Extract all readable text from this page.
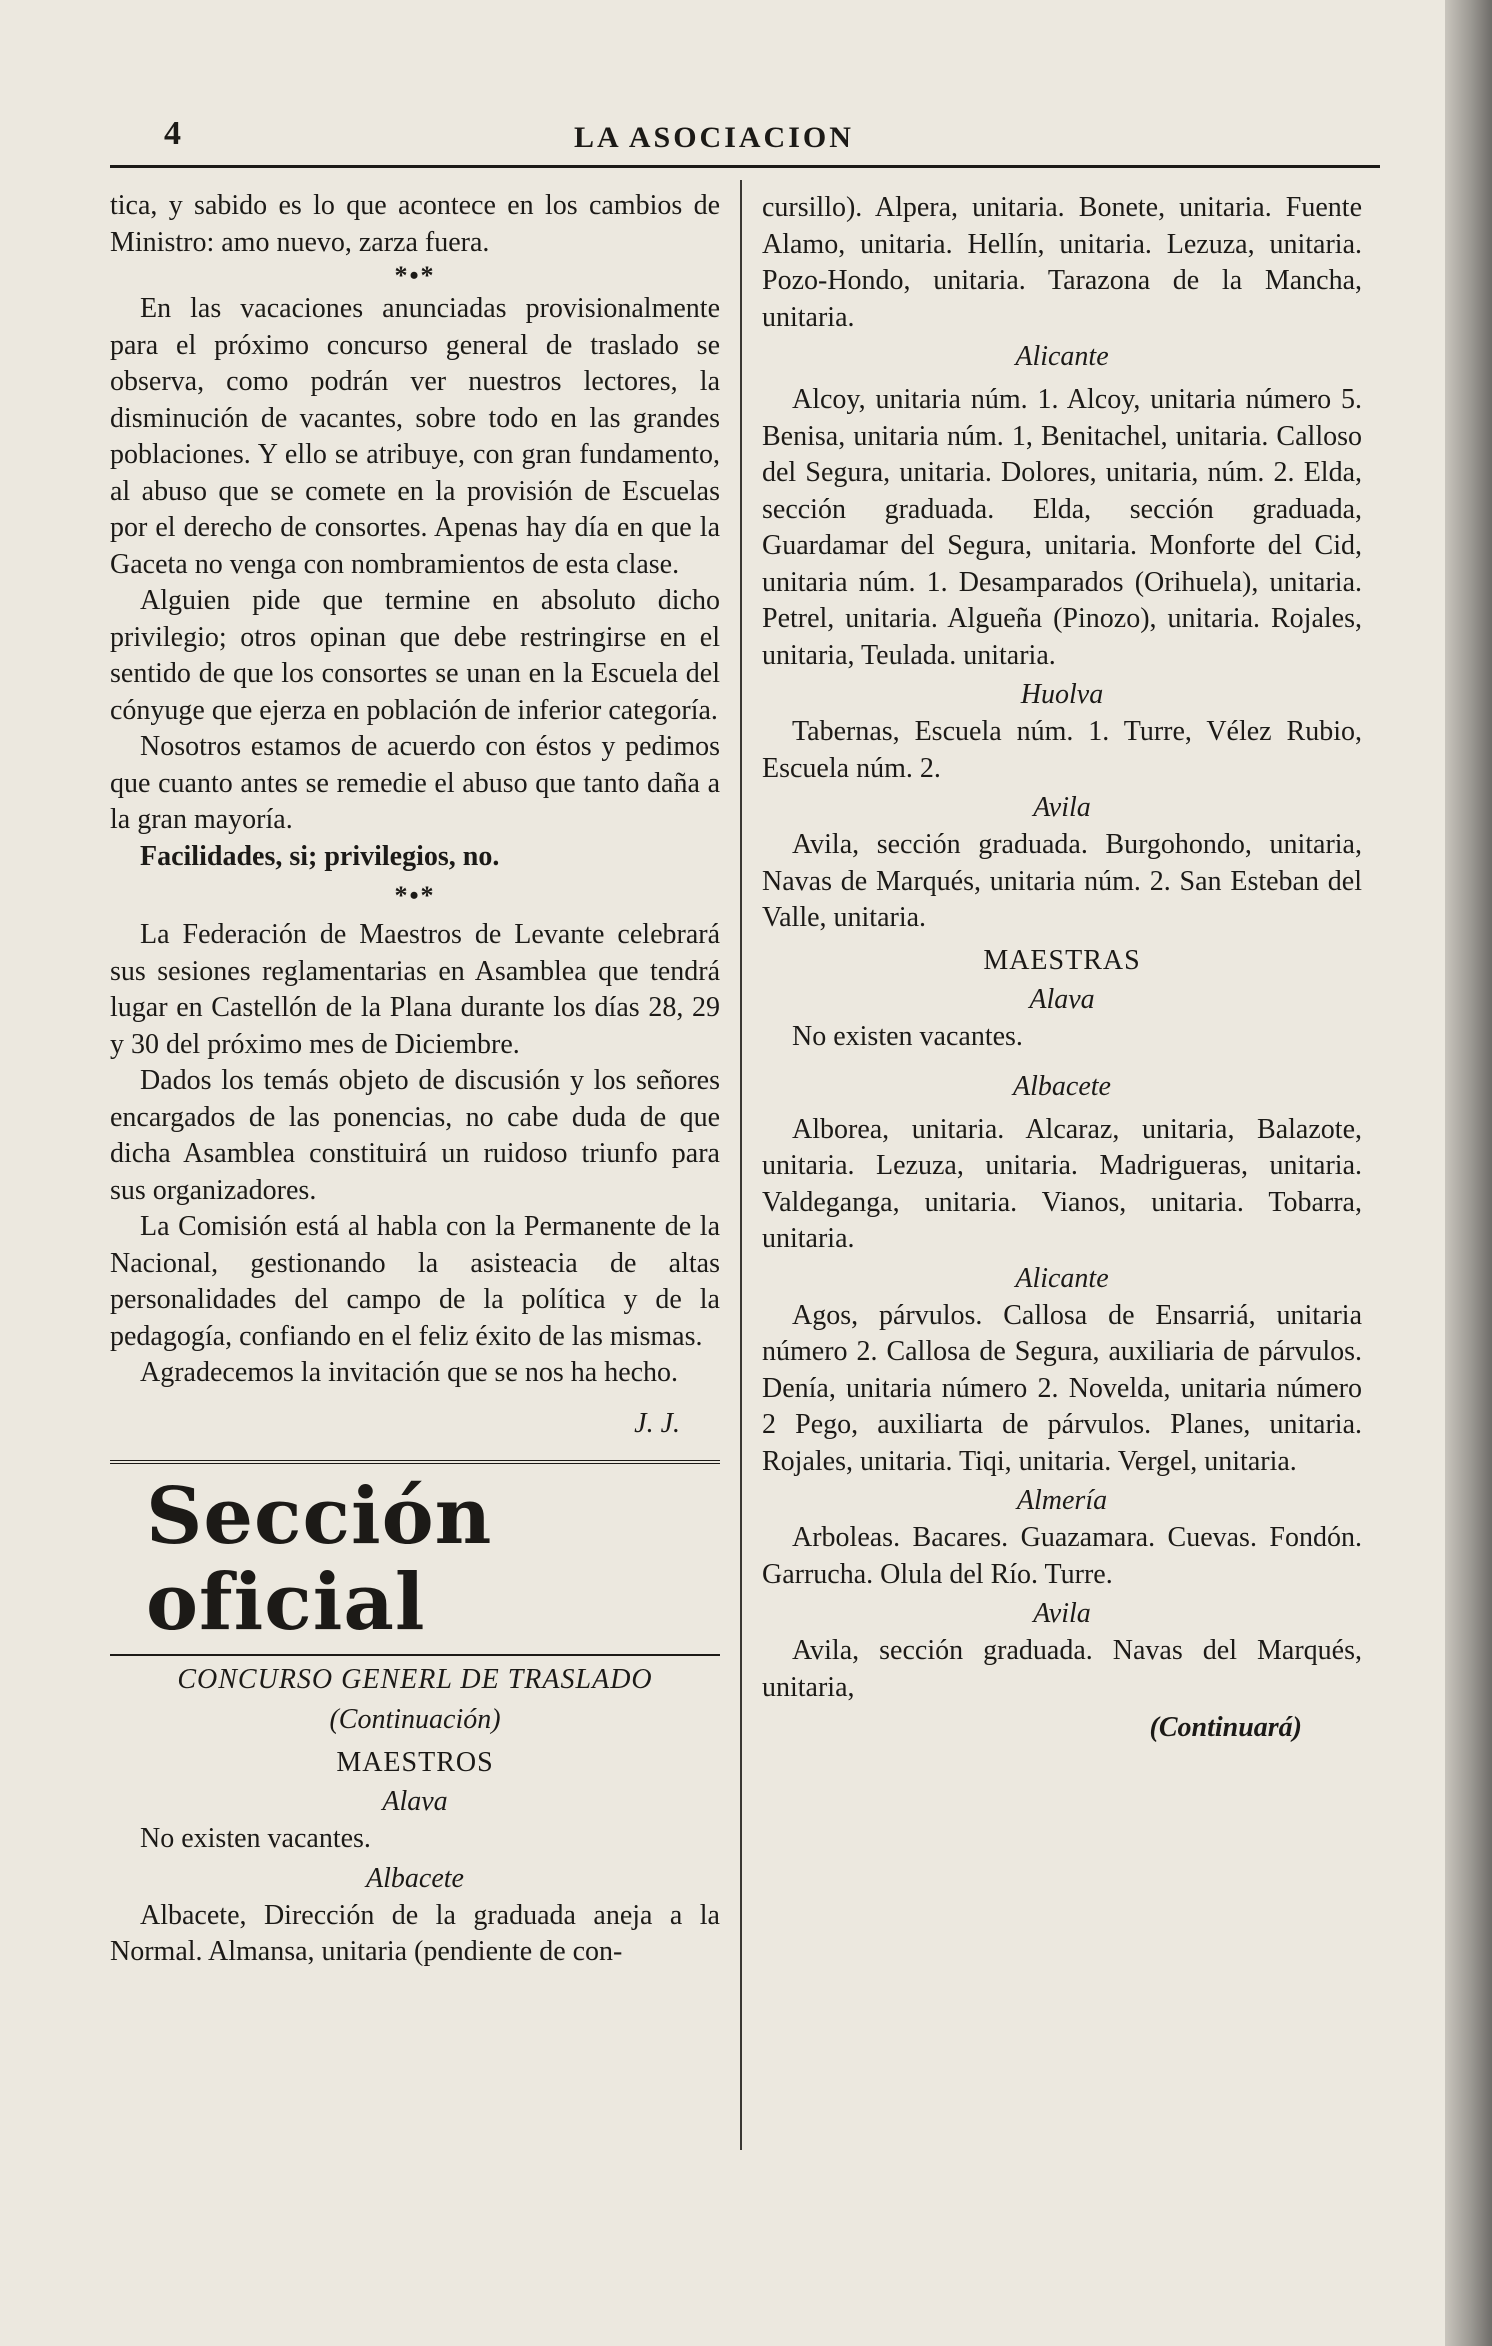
4	LA ASOCIACION

tica, y sabido es lo que acontece en los cambios de Ministro: amo nuevo, zarza fuera.

*•*

En las vacaciones anunciadas provisionalmente para el próximo concurso general de traslado se observa, como podrán ver nuestros lectores, la disminución de vacantes, sobre todo en las grandes poblaciones. Y ello se atribuye, con gran fundamento, al abuso que se comete en la provisión de Escuelas por el derecho de consortes. Apenas hay día en que la Gaceta no venga con nombramientos de esta clase.

Alguien pide que termine en absoluto dicho privilegio; otros opinan que debe restringirse en el sentido de que los consortes se unan en la Escuela del cónyuge que ejerza en población de inferior categoría.

Nosotros estamos de acuerdo con éstos y pedimos que cuanto antes se remedie el abuso que tanto daña a la gran mayoría.

Facilidades, si; privilegios, no.

*•*

La Federación de Maestros de Levante celebrará sus sesiones reglamentarias en Asamblea que tendrá lugar en Castellón de la Plana durante los días 28, 29 y 30 del próximo mes de Diciembre.

Dados los temás objeto de discusión y los señores encargados de las ponencias, no cabe duda de que dicha Asamblea constituirá un ruidoso triunfo para sus organizadores.

La Comisión está al habla con la Permanente de la Nacional, gestionando la asisteacia de altas personalidades del campo de la política y de la pedagogía, confiando en el feliz éxito de las mismas.

Agradecemos la invitación que se nos ha hecho.

J. J.
Sección oficial
CONCURSO GENERL DE TRASLADO
(Continuación)
MAESTROS
Alava

No existen vacantes.

Albacete

Albacete, Dirección de la graduada aneja a la Normal. Almansa, unitaria (pendiente de con-

cursillo). Alpera, unitaria. Bonete, unitaria. Fuente Alamo, unitaria. Hellín, unitaria. Lezuza, unitaria. Pozo-Hondo, unitaria. Tarazona de la Mancha, unitaria.

Alicante

Alcoy, unitaria núm. 1. Alcoy, unitaria número 5. Benisa, unitaria núm. 1, Benitachel, unitaria. Calloso del Segura, unitaria. Dolores, unitaria, núm. 2. Elda, sección graduada. Elda, sección graduada, Guardamar del Segura, unitaria. Monforte del Cid, unitaria núm. 1. Desamparados (Orihuela), unitaria. Petrel, unitaria. Algueña (Pinozo), unitaria. Rojales, unitaria, Teulada. unitaria.

Huolva

Tabernas, Escuela núm. 1. Turre, Vélez Rubio, Escuela núm. 2.

Avila

Avila, sección graduada. Burgohondo, unitaria, Navas de Marqués, unitaria núm. 2. San Esteban del Valle, unitaria.

MAESTRAS
Alava

No existen vacantes.

Albacete

Alborea, unitaria. Alcaraz, unitaria, Balazote, unitaria. Lezuza, unitaria. Madrigueras, unitaria. Valdeganga, unitaria. Vianos, unitaria. Tobarra, unitaria.

Alicante

Agos, párvulos. Callosa de Ensarriá, unitaria número 2. Callosa de Segura, auxiliaria de párvulos. Denía, unitaria número 2. Novelda, unitaria número 2 Pego, auxiliarta de párvulos. Planes, unitaria. Rojales, unitaria. Tiqi, unitaria. Vergel, unitaria.

Almería

Arboleas. Bacares. Guazamara. Cuevas. Fondón. Garrucha. Olula del Río. Turre.

Avila

Avila, sección graduada. Navas del Marqués, unitaria,

(Continuará)
